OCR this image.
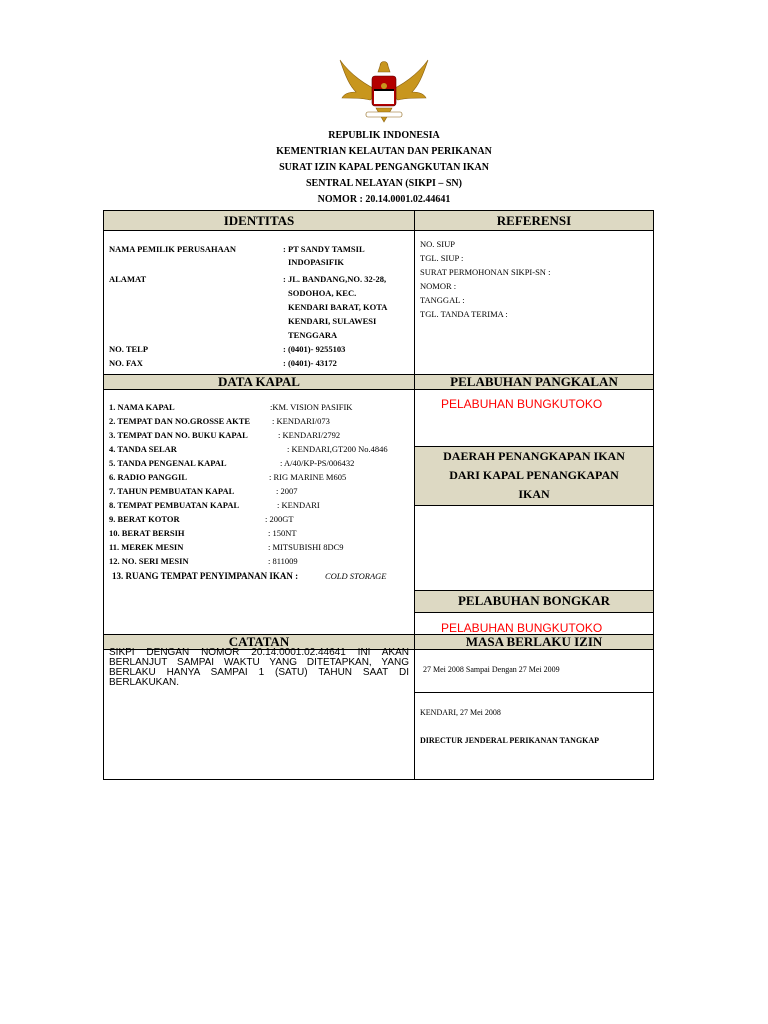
REPUBLIK INDONESIA
KEMENTRIAN KELAUTAN DAN PERIKANAN
SURAT IZIN KAPAL PENGANGKUTAN IKAN
SENTRAL NELAYAN (SIKPI – SN)
NOMOR : 20.14.0001.02.44641
IDENTITAS	REFERENSI
DATA KAPAL	PELABUHAN PANGKALAN
DAERAH PENANGKAPAN IKAN
DARI KAPAL PENANGKAPAN
IKAN
PELABUHAN BONGKAR
CATATAN	MASA BERLAKU IZIN
NAMA PEMILIK PERUSAHAAN	: PT SANDY TAMSIL
INDOPASIFIK
ALAMAT	: JL. BANDANG,NO. 32-28,
SODOHOA, KEC.
KENDARI BARAT, KOTA
KENDARI, SULAWESI
TENGGARA
NO. TELP	: (0401)- 9255103
NO. FAX	: (0401)- 43172
NO. SIUP
TGL. SIUP :
SURAT PERMOHONAN SIKPI-SN :
NOMOR :
TANGGAL :
TGL. TANDA TERIMA :
1. NAMA KAPAL	:KM. VISION PASIFIK
2. TEMPAT DAN NO.GROSSE AKTE	: KENDARI/073
3. TEMPAT DAN NO. BUKU KAPAL	: KENDARI/2792
4. TANDA SELAR	: KENDARI,GT200 No.4846
5. TANDA PENGENAL KAPAL	: A/40/KP-PS/006432
6. RADIO PANGGIL	: RIG MARINE M605
7. TAHUN PEMBUATAN KAPAL	: 2007
8. TEMPAT PEMBUATAN KAPAL	: KENDARI
9. BERAT KOTOR	: 200GT
10. BERAT BERSIH	: 150NT
11. MEREK MESIN	: MITSUBISHI 8DC9
12. NO. SERI MESIN	: 811009
13. RUANG TEMPAT PENYIMPANAN IKAN :	COLD STORAGE
PELABUHAN BUNGKUTOKO
PELABUHAN BUNGKUTOKO
SIKPI DENGAN NOMOR 20.14.0001.02.44641 INI AKAN BERLANJUT SAMPAI WAKTU YANG DITETAPKAN, YANG BERLAKU HANYA SAMPAI 1 (SATU) TAHUN SAAT DI BERLAKUKAN.
27 Mei 2008 Sampai Dengan 27 Mei 2009
KENDARI, 27 Mei 2008
DIRECTUR JENDERAL PERIKANAN TANGKAP
